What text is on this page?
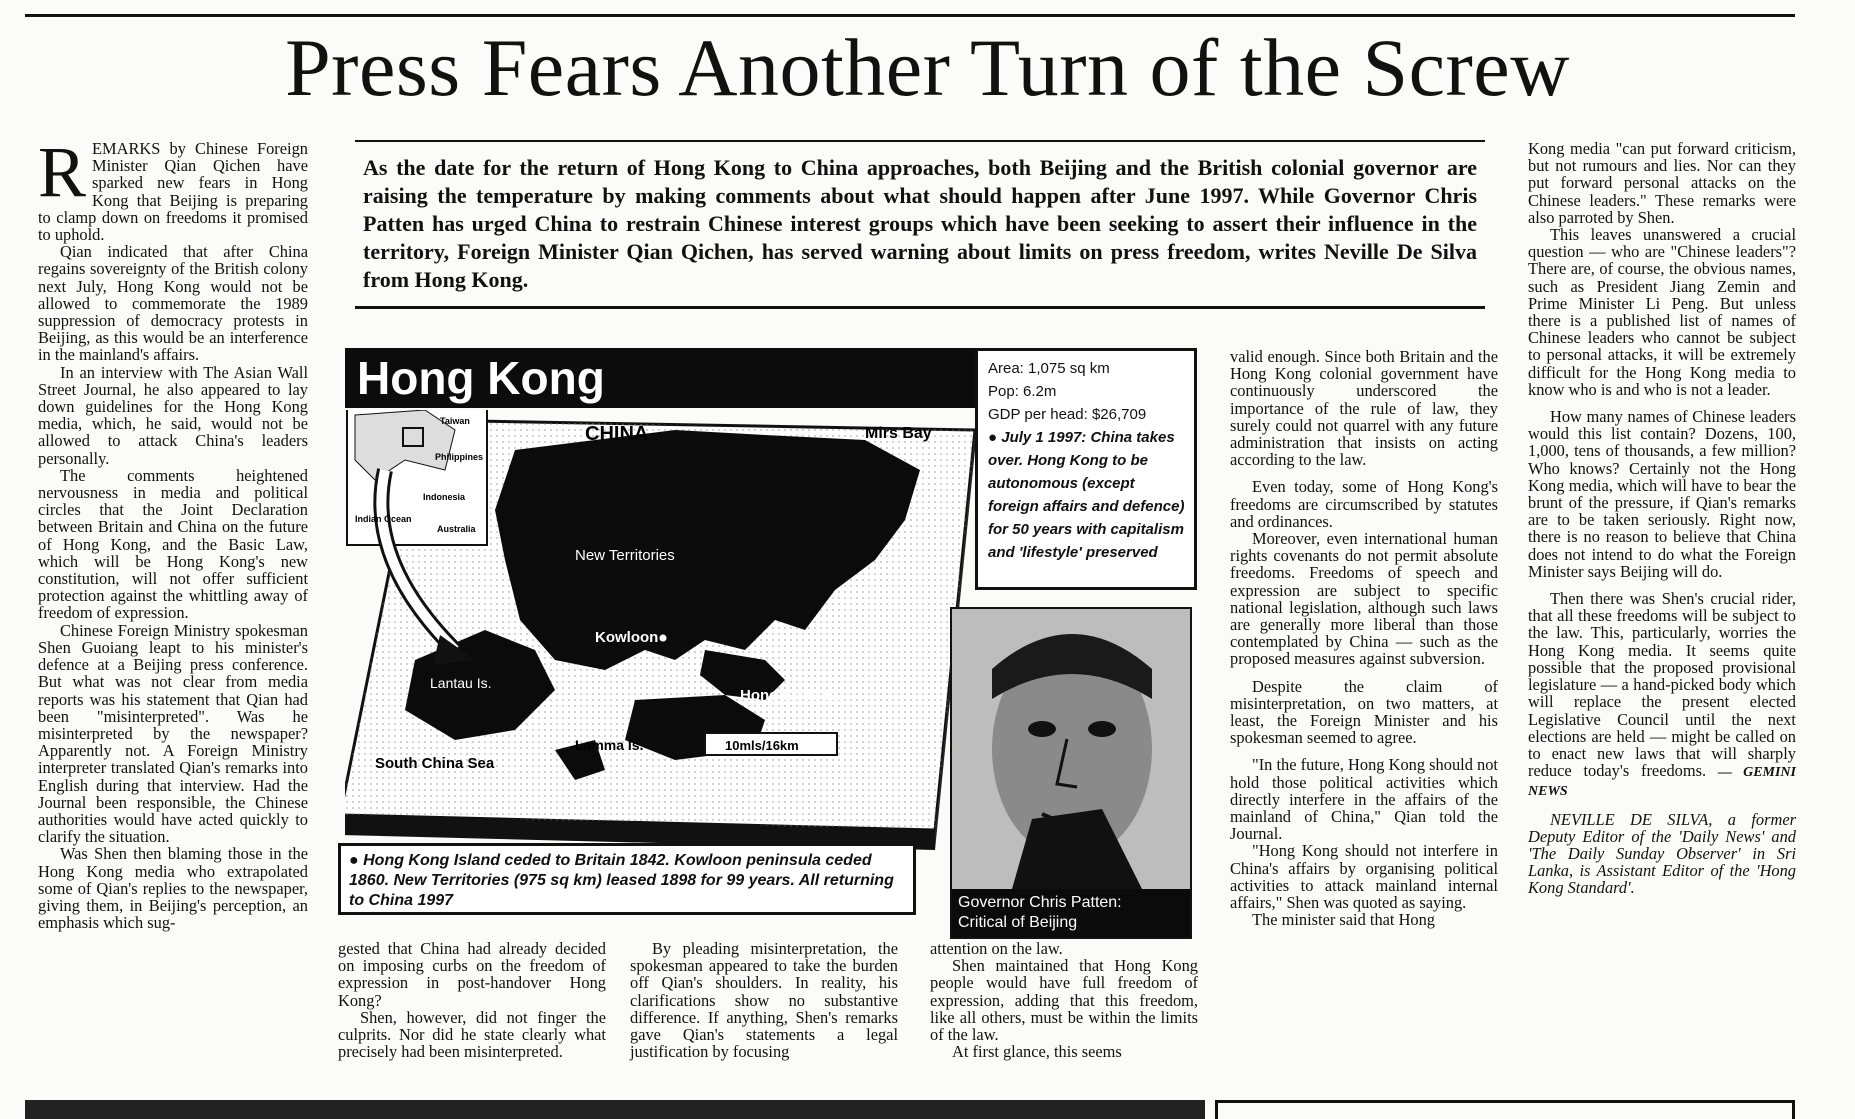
Press Fears Another Turn of the Screw

REMARKS by Chinese Foreign Minister Qian Qichen have sparked new fears in Hong Kong that Beijing is preparing to clamp down on freedoms it promised to uphold.

Qian indicated that after China regains sovereignty of the British colony next July, Hong Kong would not be allowed to commemorate the 1989 suppression of democracy protests in Beijing, as this would be an interference in the mainland's affairs.

In an interview with The Asian Wall Street Journal, he also appeared to lay down guidelines for the Hong Kong media, which, he said, would not be allowed to attack China's leaders personally.

The comments heightened nervousness in media and political circles that the Joint Declaration between Britain and China on the future of Hong Kong, and the Basic Law, which will be Hong Kong's new constitution, will not offer sufficient protection against the whittling away of freedom of expression.

Chinese Foreign Ministry spokesman Shen Guoiang leapt to his minister's defence at a Beijing press conference. But what was not clear from media reports was his statement that Qian had been "misinterpreted". Was he misinterpreted by the newspaper? Apparently not. A Foreign Ministry interpreter translated Qian's remarks into English during that interview. Had the Journal been responsible, the Chinese authorities would have acted quickly to clarify the situation.

Was Shen then blaming those in the Hong Kong media who extrapolated some of Qian's replies to the newspaper, giving them, in Beijing's perception, an emphasis which sug-

As the date for the return of Hong Kong to China approaches, both Beijing and the British colonial governor are raising the temperature by making comments about what should happen after June 1997. While Governor Chris Patten has urged China to restrain Chinese interest groups which have been seeking to assert their influence in the territory, Foreign Minister Qian Qichen, has served warning about limits on press freedom, writes Neville De Silva from Hong Kong.
Hong Kong
Taiwan
Philippines
Indonesia
Indian Ocean
Australia
CHINA	Mirs Bay
New Territories
Kowloon
Lantau Is.
Hong Kong Is.
Lamma Is.
South China Sea
10mls/16km
Area: 1,075 sq km
Pop: 6.2m
GDP per head: $26,709
● July 1 1997: China takes over. Hong Kong to be autonomous (except foreign affairs and defence) for 50 years with capitalism and 'lifestyle' preserved
● Hong Kong Island ceded to Britain 1842. Kowloon peninsula ceded 1860. New Territories (975 sq km) leased 1898 for 99 years. All returning to China 1997	Governor Chris Patten:
Critical of Beijing

gested that China had already decided on imposing curbs on the freedom of expression in post-handover Hong Kong?

Shen, however, did not finger the culprits. Nor did he state clearly what precisely had been misinterpreted.

By pleading misinterpretation, the spokesman appeared to take the burden off Qian's shoulders. In reality, his clarifications show no substantive difference. If anything, Shen's remarks gave Qian's statements a legal justification by focusing

attention on the law.

Shen maintained that Hong Kong people would have full freedom of expression, adding that this freedom, like all others, must be within the limits of the law.

At first glance, this seems

valid enough. Since both Britain and the Hong Kong colonial government have continuously underscored the importance of the rule of law, they surely could not quarrel with any future administration that insists on acting according to the law.

Even today, some of Hong Kong's freedoms are circumscribed by statutes and ordinances.

Moreover, even international human rights covenants do not permit absolute freedoms. Freedoms of speech and expression are subject to specific national legislation, although such laws are generally more liberal than those contemplated by China — such as the proposed measures against subversion.

Despite the claim of misinterpretation, on two matters, at least, the Foreign Minister and his spokesman seemed to agree.

"In the future, Hong Kong should not hold those political activities which directly interfere in the affairs of the mainland of China," Qian told the Journal.

"Hong Kong should not interfere in China's affairs by organising political activities to attack mainland internal affairs," Shen was quoted as saying.

The minister said that Hong

Kong media "can put forward criticism, but not rumours and lies. Nor can they put forward personal attacks on the Chinese leaders." These remarks were also parroted by Shen.

This leaves unanswered a crucial question — who are "Chinese leaders"? There are, of course, the obvious names, such as President Jiang Zemin and Prime Minister Li Peng. But unless there is a published list of names of Chinese leaders who cannot be subject to personal attacks, it will be extremely difficult for the Hong Kong media to know who is and who is not a leader.

How many names of Chinese leaders would this list contain? Dozens, 100, 1,000, tens of thousands, a few million? Who knows? Certainly not the Hong Kong media, which will have to bear the brunt of the pressure, if Qian's remarks are to be taken seriously. Right now, there is no reason to believe that China does not intend to do what the Foreign Minister says Beijing will do.

Then there was Shen's crucial rider, that all these freedoms will be subject to the law. This, particularly, worries the Hong Kong media. It seems quite possible that the proposed provisional legislature — a hand-picked body which will replace the present elected Legislative Council until the next elections are held — might be called on to enact new laws that will sharply reduce today's freedoms. — GEMINI NEWS

NEVILLE DE SILVA, a former Deputy Editor of the 'Daily News' and 'The Daily Sunday Observer' in Sri Lanka, is Assistant Editor of the 'Hong Kong Standard'.
